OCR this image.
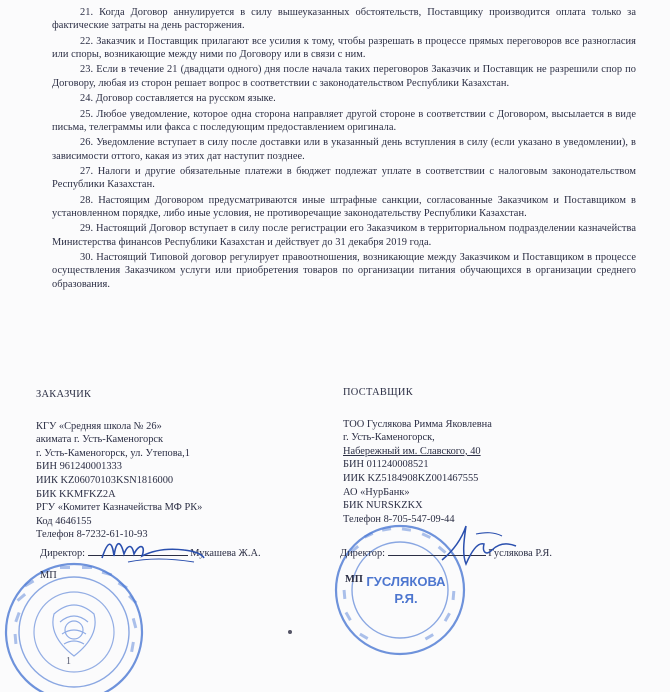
21. Когда Договор аннулируется в силу вышеуказанных обстоятельств, Поставщику производится оплата только за фактические затраты на день расторжения.

22. Заказчик и Поставщик прилагают все усилия к тому, чтобы разрешать в процессе прямых переговоров все разногласия или споры, возникающие между ними по Договору или в связи с ним.

23. Если в течение 21 (двадцати одного) дня после начала таких переговоров Заказчик и Поставщик не разрешили спор по Договору, любая из сторон решает вопрос в соответствии с законодательством Республики Казахстан.

24. Договор составляется на русском языке.

25. Любое уведомление, которое одна сторона направляет другой стороне в соответствии с Договором, высылается в виде письма, телеграммы или факса с последующим предоставлением оригинала.

26. Уведомление вступает в силу после доставки или в указанный день вступления в силу (если указано в уведомлении), в зависимости оттого, какая из этих дат наступит позднее.

27. Налоги и другие обязательные платежи в бюджет подлежат уплате в соответствии с налоговым законодательством Республики Казахстан.

28. Настоящим Договором предусматриваются иные штрафные санкции, согласованные Заказчиком и Поставщиком в установленном порядке, либо иные условия, не противоречащие законодательству Республики Казахстан.

29. Настоящий Договор вступает в силу после регистрации его Заказчиком в территориальном подразделении казначейства Министерства финансов Республики Казахстан и действует до 31 декабря 2019 года.

30. Настоящий Типовой договор регулирует правоотношения, возникающие между Заказчиком и Поставщиком в процессе осуществления Заказчиком услуги или приобретения товаров по организации питания обучающихся в организации среднего образования.

ЗАКАЗЧИК
КГУ «Средняя школа № 26»
акимата г. Усть-Каменогорск
г. Усть-Каменогорск, ул. Утепова,1
БИН 961240001333
ИИК KZ06070103KSN1816000
БИК KKMFKZ2A
РГУ «Комитет Казначейства МФ РК»
Код 4646155
Телефон 8-7232-61-10-93
ПОСТАВЩИК
ТОО Гуслякова Римма Яковлевна
г. Усть-Каменогорск,
Набережный им. Славского, 40
БИН 011240008521
ИИК KZ5184908KZ001467555
АО «НурБанк»
БИК NURSKZKX
Телефон 8-705-547-09-44
Директор:	Мукашева Ж.А.
МП	ГУСЛЯКОВА Р.Я.
Директор:	Гуслякова Р.Я.
МП
1
